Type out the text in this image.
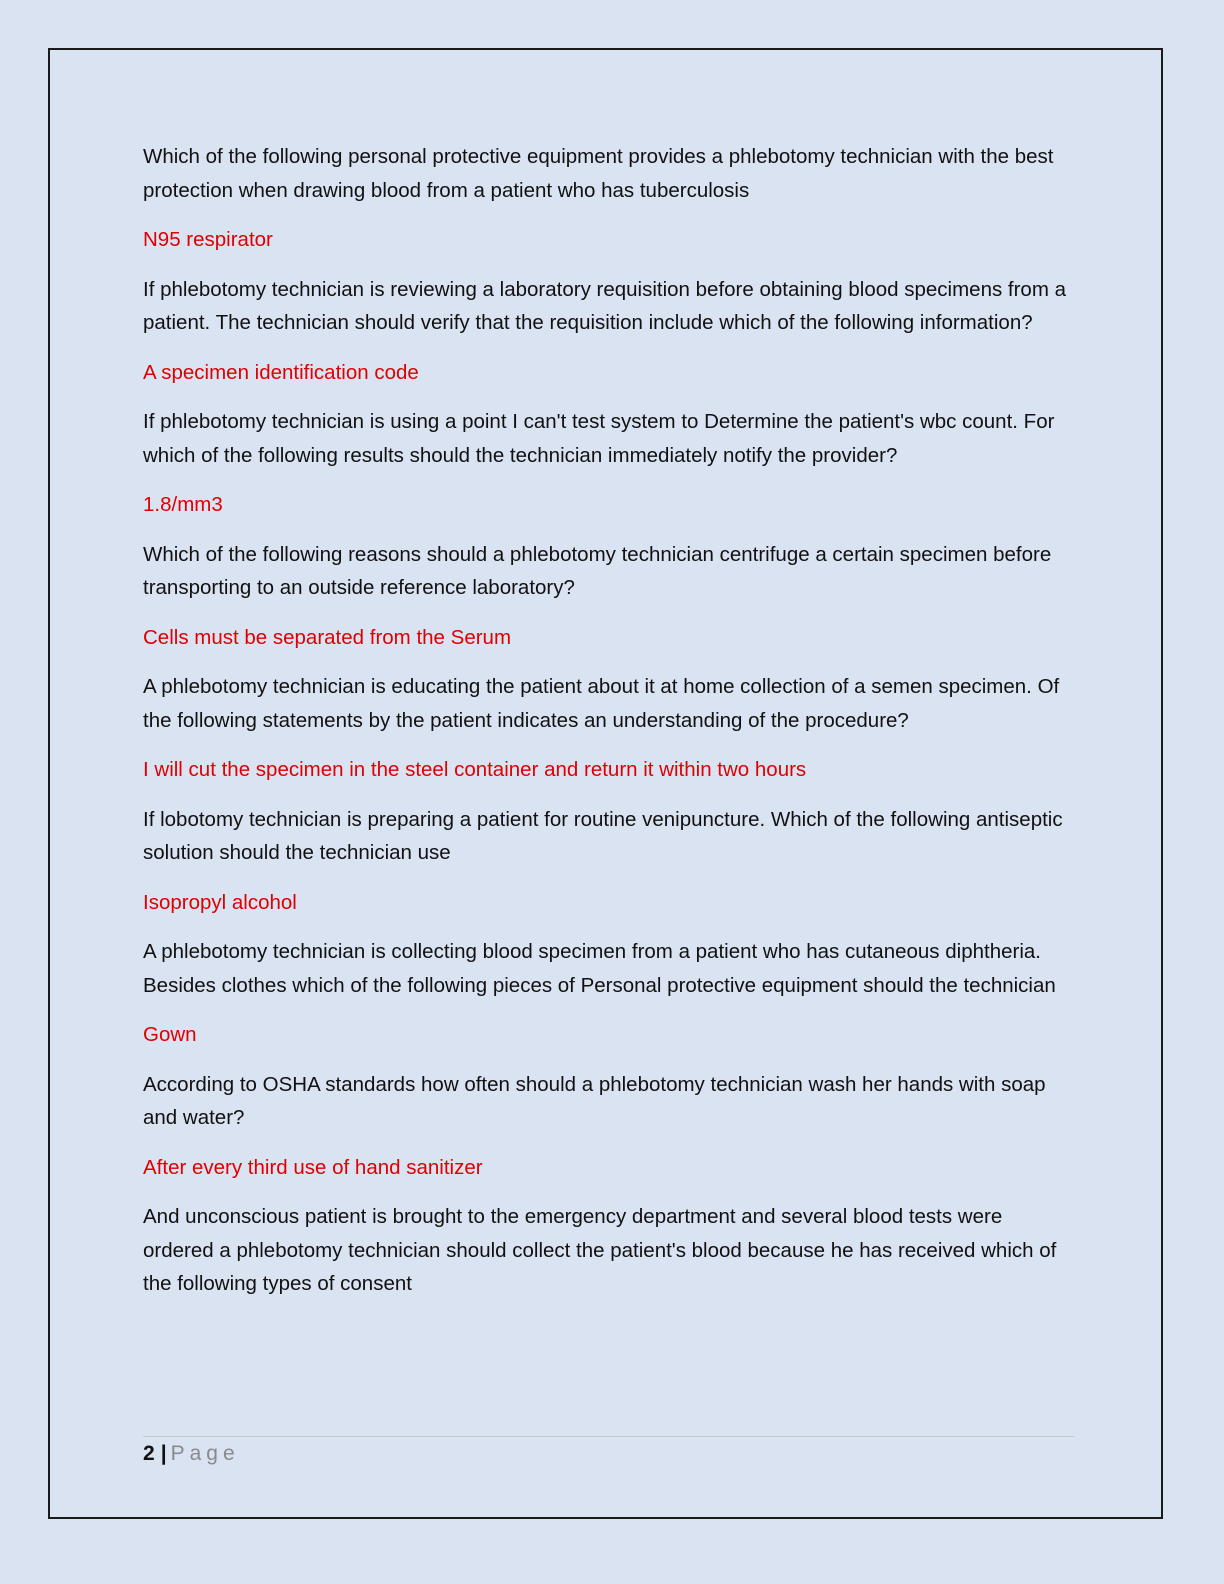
Which of the following personal protective equipment provides a phlebotomy technician with the best protection when drawing blood from a patient who has tuberculosis

N95 respirator

If phlebotomy technician is reviewing a laboratory requisition before obtaining blood specimens from a patient. The technician should verify that the requisition include which of the following information?

A specimen identification code

If phlebotomy technician is using a point I can't test system to Determine the patient's wbc count. For which of the following results should the technician immediately notify the provider?

1.8/mm3

Which of the following reasons should a phlebotomy technician centrifuge a certain specimen before transporting to an outside reference laboratory?

Cells must be separated from the Serum

A phlebotomy technician is educating the patient about it at home collection of a semen specimen. Of the following statements by the patient indicates an understanding of the procedure?

I will cut the specimen in the steel container and return it within two hours

If lobotomy technician is preparing a patient for routine venipuncture. Which of the following antiseptic solution should the technician use

Isopropyl alcohol

A phlebotomy technician is collecting blood specimen from a patient who has cutaneous diphtheria. Besides clothes which of the following pieces of Personal protective equipment should the technician

Gown

According to OSHA standards how often should a phlebotomy technician wash her hands with soap and water?

After every third use of hand sanitizer

And unconscious patient is brought to the emergency department and several blood tests were ordered a phlebotomy technician should collect the patient's blood because he has received which of the following types of consent

2 | Page
